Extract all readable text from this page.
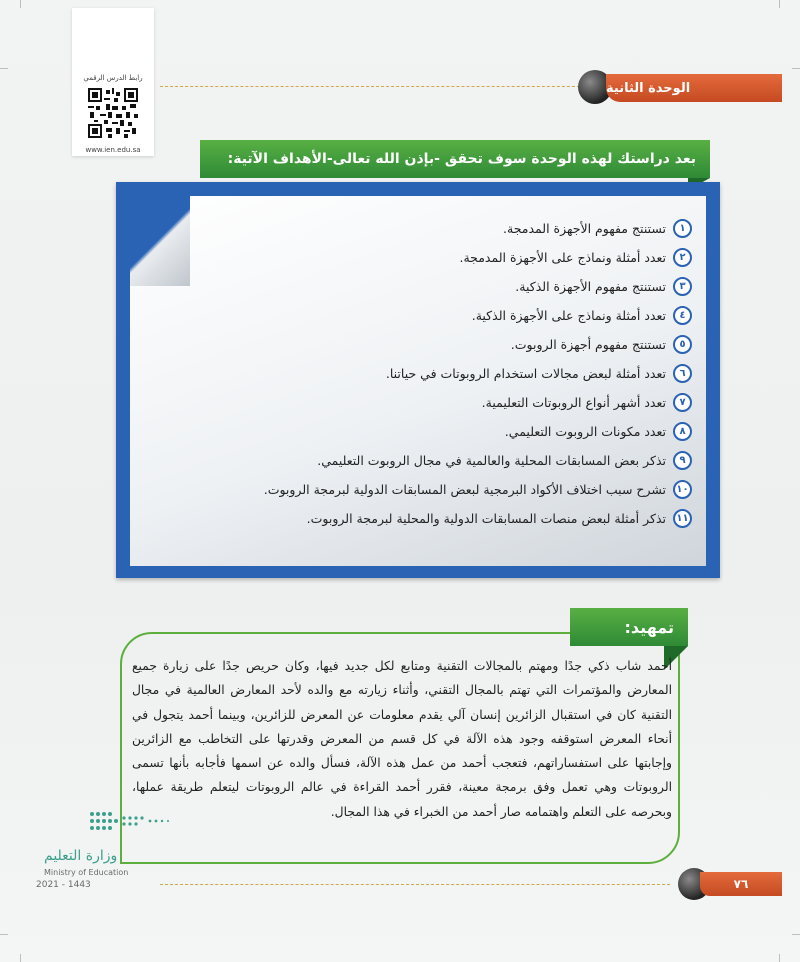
رابط الدرس الرقمي
www.ien.edu.sa
الوحدة الثانية
بعد دراستك لهذه الوحدة سوف تحقق -بإذن الله تعالى-الأهداف الآتية:
١
تستنتج مفهوم الأجهزة المدمجة.
٢
تعدد أمثلة ونماذج على الأجهزة المدمجة.
٣
تستنتج مفهوم الأجهزة الذكية.
٤
تعدد أمثلة ونماذج على الأجهزة الذكية.
٥
تستنتج مفهوم أجهزة الروبوت.
٦
تعدد أمثلة لبعض مجالات استخدام الروبوتات في حياتنا.
٧
تعدد أشهر أنواع الروبوتات التعليمية.
٨
تعدد مكونات الروبوت التعليمي.
٩
تذكر بعض المسابقات المحلية والعالمية في مجال الروبوت التعليمي.
١٠
تشرح سبب اختلاف الأكواد البرمجية لبعض المسابقات الدولية لبرمجة الروبوت.
١١
تذكر أمثلة لبعض منصات المسابقات الدولية والمحلية لبرمجة الروبوت.
تمهيد:
أحمد شاب ذكي جدًا ومهتم بالمجالات التقنية ومتابع لكل جديد فيها، وكان حريص جدًا على زيارة جميع المعارض والمؤتمرات التي تهتم بالمجال التقني، وأثناء زيارته مع والده لأحد المعارض العالمية في مجال التقنية كان في استقبال الزائرين إنسان آلي يقدم معلومات عن المعرض للزائرين، وبينما أحمد يتجول في أنحاء المعرض استوقفه وجود هذه الآلة في كل قسم من المعرض وقدرتها على التخاطب مع الزائرين وإجابتها على استفساراتهم، فتعجب أحمد من عمل هذه الآلة، فسأل والده عن اسمها فأجابه بأنها تسمى الروبوتات وهي تعمل وفق برمجة معينة، فقرر أحمد القراءة في عالم الروبوتات ليتعلم طريقة عملها، وبحرصه على التعلم واهتمامه صار أحمد من الخبراء في هذا المجال.
وزارة التعليم
Ministry of Education
2021 - 1443	٧٦
